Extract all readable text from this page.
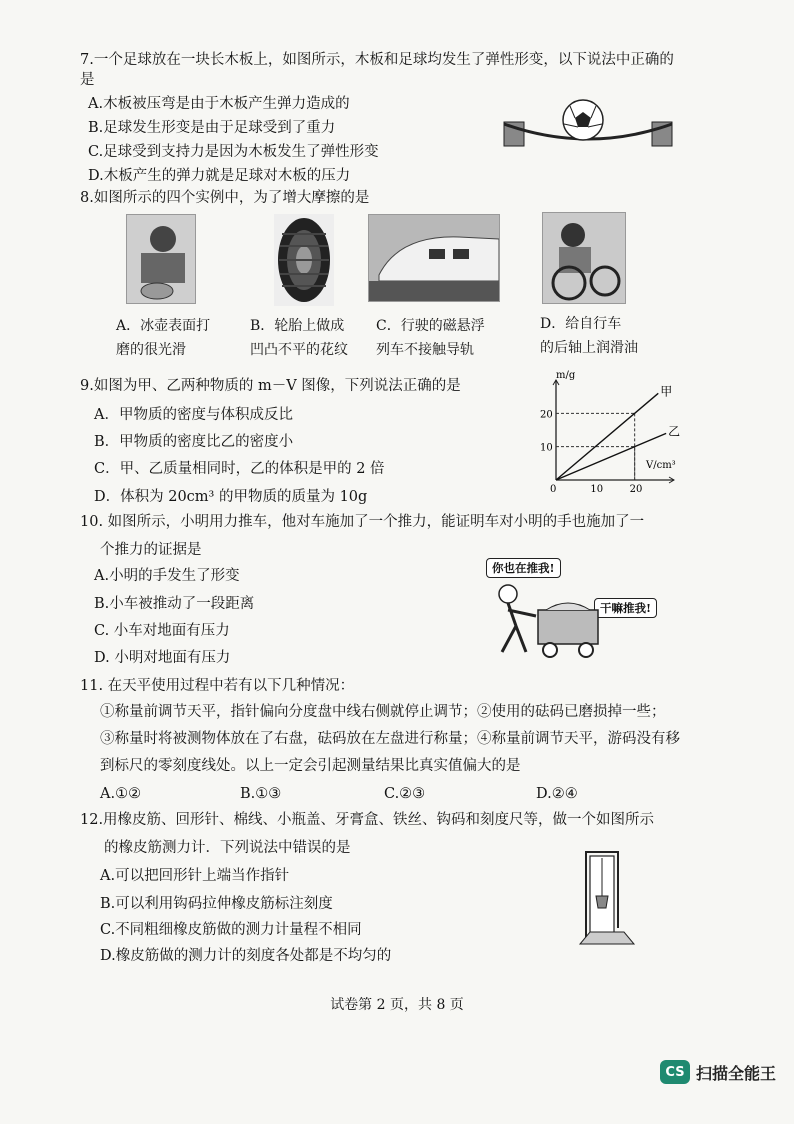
7.一个足球放在一块长木板上，如图所示，木板和足球均发生了弹性形变，以下说法中正确的
是
A.木板被压弯是由于木板产生弹力造成的
B.足球发生形变是由于足球受到了重力
C.足球受到支持力是因为木板发生了弹性形变
D.木板产生的弹力就是足球对木板的压力
8.如图所示的四个实例中，为了增大摩擦的是
A．冰壶表面打
磨的很光滑
B．轮胎上做成
凹凸不平的花纹
C．行驶的磁悬浮
列车不接触导轨
D．给自行车
的后轴上润滑油
9.如图为甲、乙两种物质的 m－V 图像，下列说法正确的是
A．甲物质的密度与体积成反比
B．甲物质的密度比乙的密度小
C．甲、乙质量相同时，乙的体积是甲的 2 倍
D．体积为 20cm³ 的甲物质的质量为 10g
m/g
V/cm³
0	10	20
10
20
甲
乙
10. 如图所示，小明用力推车，他对车施加了一个推力，能证明车对小明的手也施加了一
个推力的证据是
A.小明的手发生了形变
B.小车被推动了一段距离
C. 小车对地面有压力
D. 小明对地面有压力
你也在推我!
干嘛推我!
11. 在天平使用过程中若有以下几种情况：
①称量前调节天平，指针偏向分度盘中线右侧就停止调节；②使用的砝码已磨损掉一些；
③称量时将被测物体放在了右盘，砝码放在左盘进行称量；④称量前调节天平，游码没有移
到标尺的零刻度线处。以上一定会引起测量结果比真实值偏大的是
A.①②	B.①③	C.②③	D.②④
12.用橡皮筋、回形针、棉线、小瓶盖、牙膏盒、铁丝、钩码和刻度尺等，做一个如图所示
的橡皮筋测力计．下列说法中错误的是
A.可以把回形针上端当作指针
B.可以利用钩码拉伸橡皮筋标注刻度
C.不同粗细橡皮筋做的测力计量程不相同
D.橡皮筋做的测力计的刻度各处都是不均匀的
试卷第 2 页，共 8 页
CS 扫描全能王
